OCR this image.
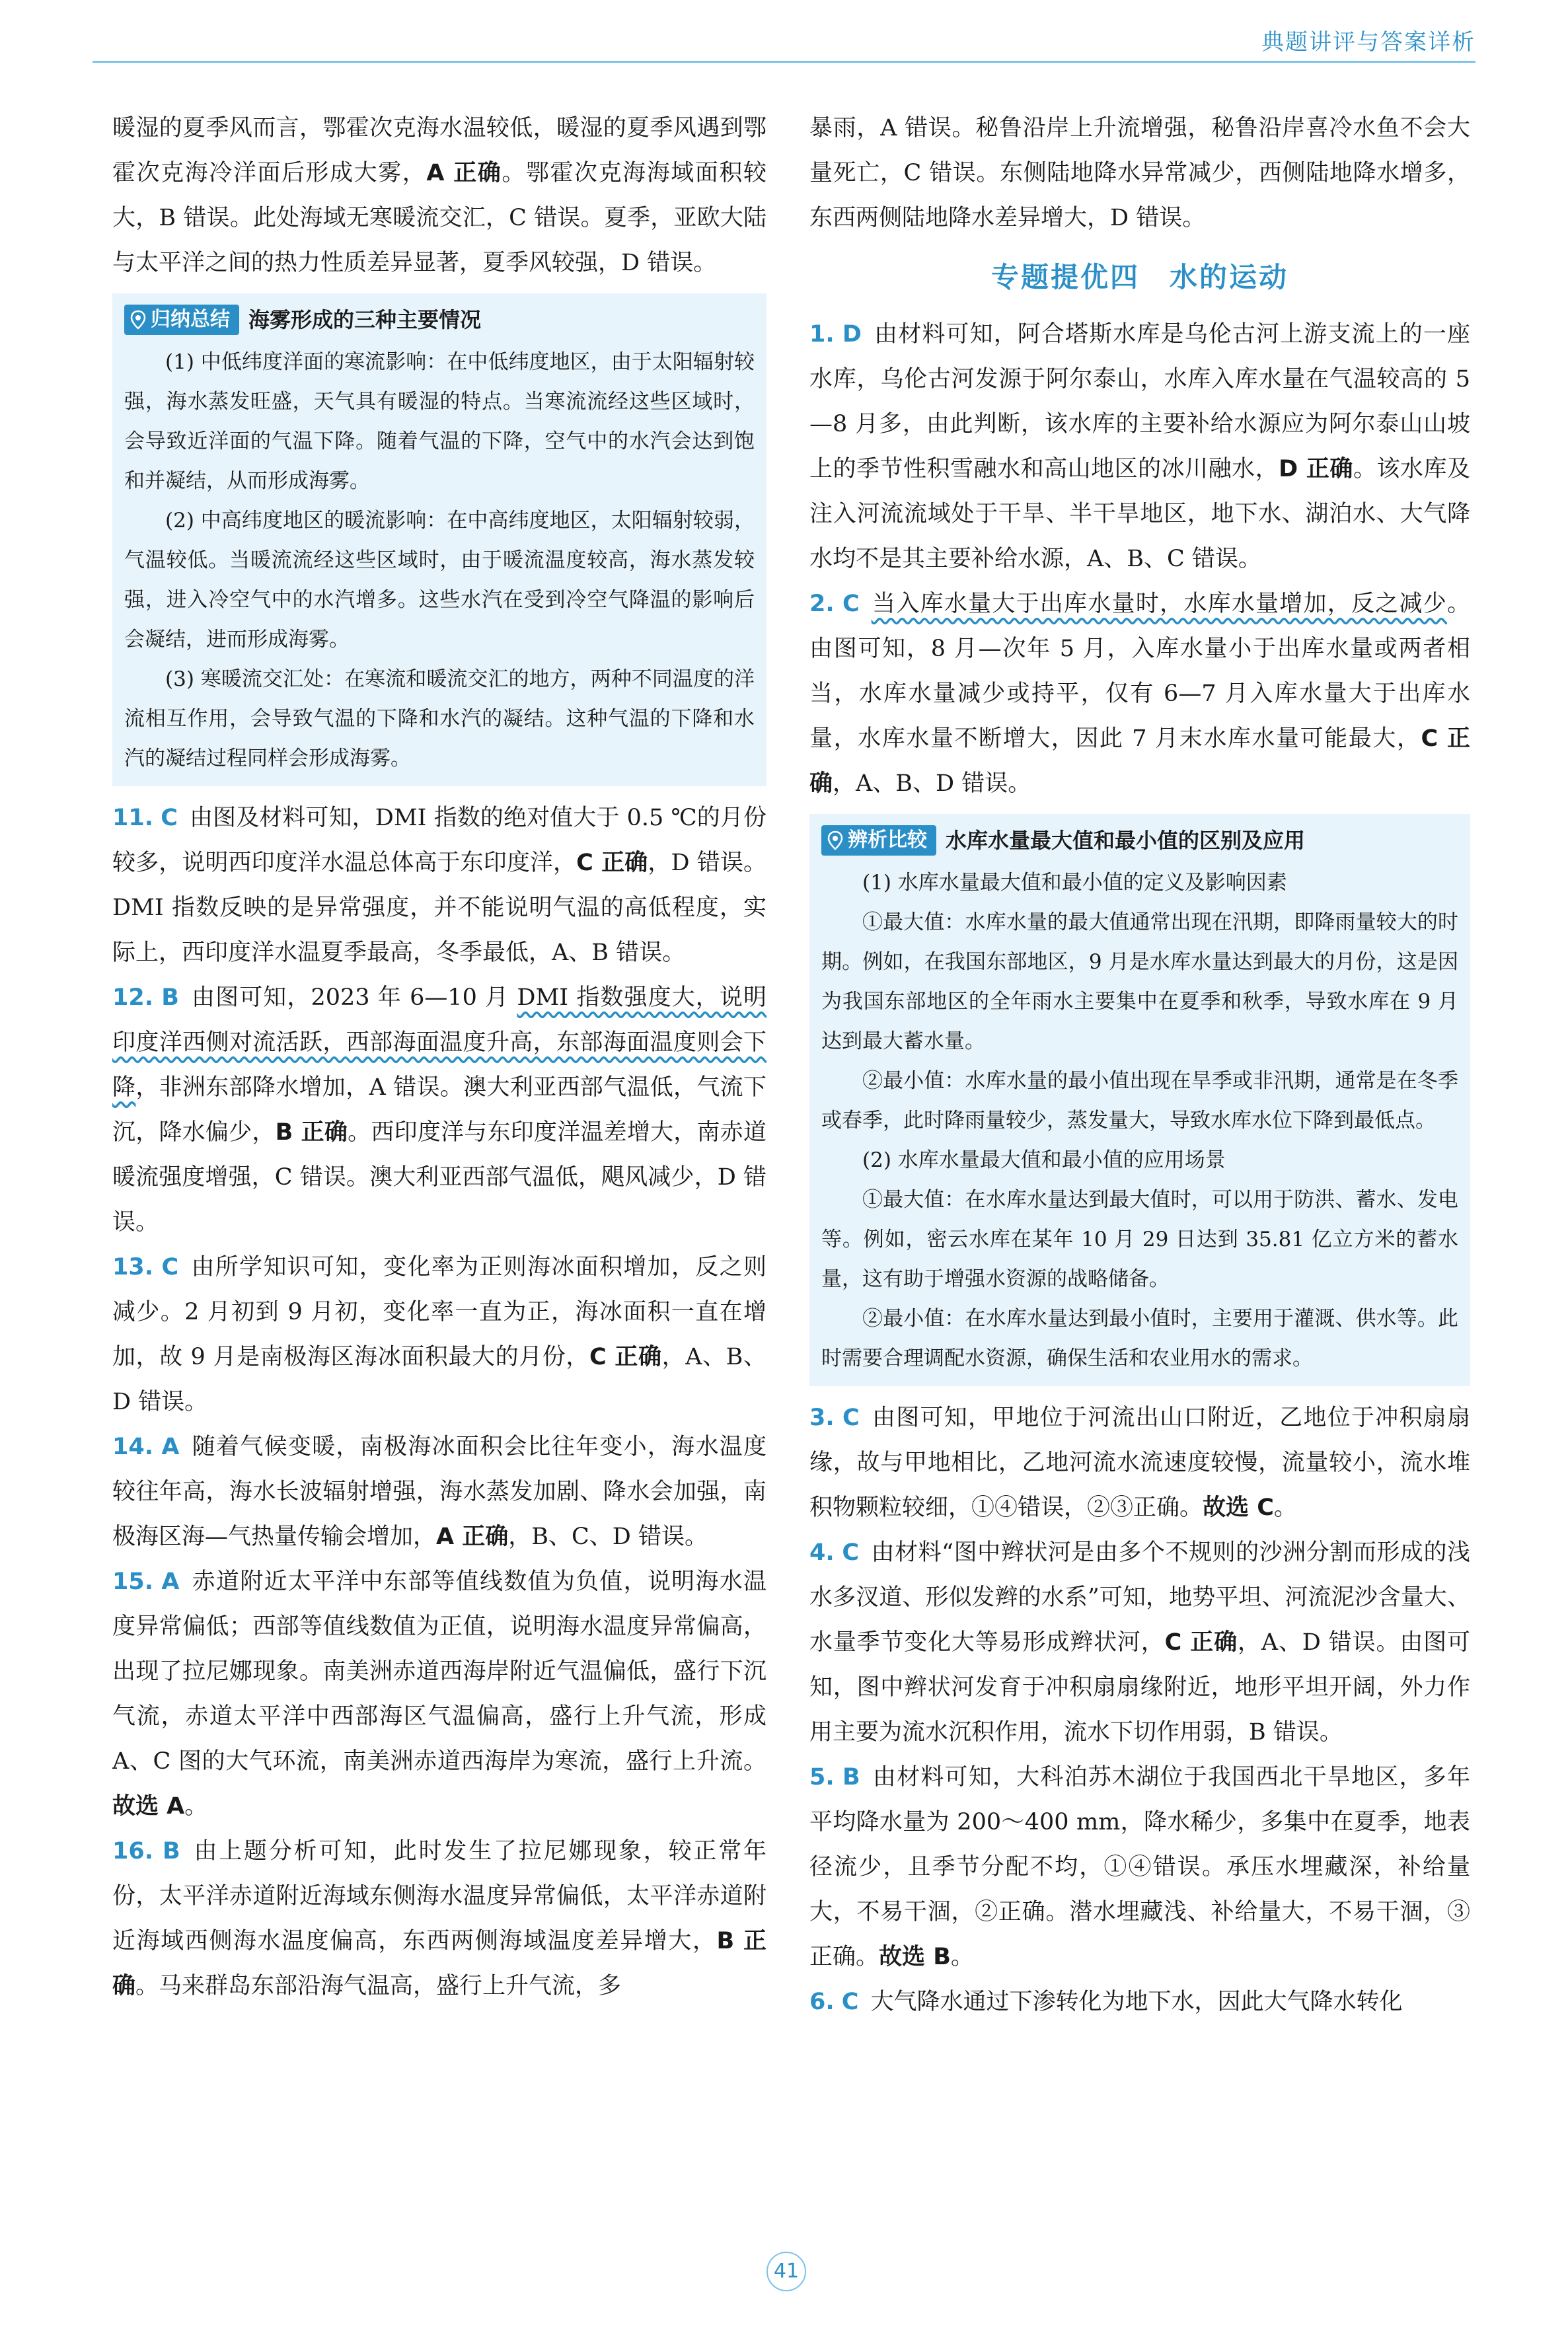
典题讲评与答案详析

暖湿的夏季风而言，鄂霍次克海水温较低，暖湿的夏季风遇到鄂霍次克海冷洋面后形成大雾，A 正确。鄂霍次克海海域面积较大，B 错误。此处海域无寒暖流交汇，C 错误。夏季，亚欧大陆与太平洋之间的热力性质差异显著，夏季风较强，D 错误。

归纳总结 海雾形成的三种主要情况

(1) 中低纬度洋面的寒流影响：在中低纬度地区，由于太阳辐射较强，海水蒸发旺盛，天气具有暖湿的特点。当寒流流经这些区域时，会导致近洋面的气温下降。随着气温的下降，空气中的水汽会达到饱和并凝结，从而形成海雾。

(2) 中高纬度地区的暖流影响：在中高纬度地区，太阳辐射较弱，气温较低。当暖流流经这些区域时，由于暖流温度较高，海水蒸发较强，进入冷空气中的水汽增多。这些水汽在受到冷空气降温的影响后会凝结，进而形成海雾。

(3) 寒暖流交汇处：在寒流和暖流交汇的地方，两种不同温度的洋流相互作用，会导致气温的下降和水汽的凝结。这种气温的下降和水汽的凝结过程同样会形成海雾。

11. C 由图及材料可知，DMI 指数的绝对值大于 0.5 ℃的月份较多，说明西印度洋水温总体高于东印度洋，C 正确，D 错误。DMI 指数反映的是异常强度，并不能说明气温的高低程度，实际上，西印度洋水温夏季最高，冬季最低，A、B 错误。

12. B 由图可知，2023 年 6—10 月 DMI 指数强度大，说明印度洋西侧对流活跃，西部海面温度升高，东部海面温度则会下降，非洲东部降水增加，A 错误。澳大利亚西部气温低，气流下沉，降水偏少，B 正确。西印度洋与东印度洋温差增大，南赤道暖流强度增强，C 错误。澳大利亚西部气温低，飓风减少，D 错误。

13. C 由所学知识可知，变化率为正则海冰面积增加，反之则减少。2 月初到 9 月初，变化率一直为正，海冰面积一直在增加，故 9 月是南极海区海冰面积最大的月份，C 正确，A、B、D 错误。

14. A 随着气候变暖，南极海冰面积会比往年变小，海水温度较往年高，海水长波辐射增强，海水蒸发加剧、降水会加强，南极海区海—气热量传输会增加，A 正确，B、C、D 错误。

15. A 赤道附近太平洋中东部等值线数值为负值，说明海水温度异常偏低；西部等值线数值为正值，说明海水温度异常偏高，出现了拉尼娜现象。南美洲赤道西海岸附近气温偏低，盛行下沉气流，赤道太平洋中西部海区气温偏高，盛行上升气流，形成 A、C 图的大气环流，南美洲赤道西海岸为寒流，盛行上升流。故选 A。

16. B 由上题分析可知，此时发生了拉尼娜现象，较正常年份，太平洋赤道附近海域东侧海水温度异常偏低，太平洋赤道附近海域西侧海水温度偏高，东西两侧海域温度差异增大，B 正确。马来群岛东部沿海气温高，盛行上升气流，多

暴雨，A 错误。秘鲁沿岸上升流增强，秘鲁沿岸喜冷水鱼不会大量死亡，C 错误。东侧陆地降水异常减少，西侧陆地降水增多，东西两侧陆地降水差异增大，D 错误。

专题提优四　水的运动

1. D 由材料可知，阿合塔斯水库是乌伦古河上游支流上的一座水库，乌伦古河发源于阿尔泰山，水库入库水量在气温较高的 5—8 月多，由此判断，该水库的主要补给水源应为阿尔泰山山坡上的季节性积雪融水和高山地区的冰川融水，D 正确。该水库及注入河流流域处于干旱、半干旱地区，地下水、湖泊水、大气降水均不是其主要补给水源，A、B、C 错误。

2. C 当入库水量大于出库水量时，水库水量增加，反之减少。由图可知，8 月—次年 5 月，入库水量小于出库水量或两者相当，水库水量减少或持平，仅有 6—7 月入库水量大于出库水量，水库水量不断增大，因此 7 月末水库水量可能最大，C 正确，A、B、D 错误。

辨析比较 水库水量最大值和最小值的区别及应用

(1) 水库水量最大值和最小值的定义及影响因素

①最大值：水库水量的最大值通常出现在汛期，即降雨量较大的时期。例如，在我国东部地区，9 月是水库水量达到最大的月份，这是因为我国东部地区的全年雨水主要集中在夏季和秋季，导致水库在 9 月达到最大蓄水量。

②最小值：水库水量的最小值出现在旱季或非汛期，通常是在冬季或春季，此时降雨量较少，蒸发量大，导致水库水位下降到最低点。

(2) 水库水量最大值和最小值的应用场景

①最大值：在水库水量达到最大值时，可以用于防洪、蓄水、发电等。例如，密云水库在某年 10 月 29 日达到 35.81 亿立方米的蓄水量，这有助于增强水资源的战略储备。

②最小值：在水库水量达到最小值时，主要用于灌溉、供水等。此时需要合理调配水资源，确保生活和农业用水的需求。

3. C 由图可知，甲地位于河流出山口附近，乙地位于冲积扇扇缘，故与甲地相比，乙地河流水流速度较慢，流量较小，流水堆积物颗粒较细，①④错误，②③正确。故选 C。

4. C 由材料“图中辫状河是由多个不规则的沙洲分割而形成的浅水多汊道、形似发辫的水系”可知，地势平坦、河流泥沙含量大、水量季节变化大等易形成辫状河，C 正确，A、D 错误。由图可知，图中辫状河发育于冲积扇扇缘附近，地形平坦开阔，外力作用主要为流水沉积作用，流水下切作用弱，B 错误。

5. B 由材料可知，大科泊苏木湖位于我国西北干旱地区，多年平均降水量为 200～400 mm，降水稀少，多集中在夏季，地表径流少，且季节分配不均，①④错误。承压水埋藏深，补给量大，不易干涸，②正确。潜水埋藏浅、补给量大，不易干涸，③正确。故选 B。

6. C 大气降水通过下渗转化为地下水，因此大气降水转化

41
